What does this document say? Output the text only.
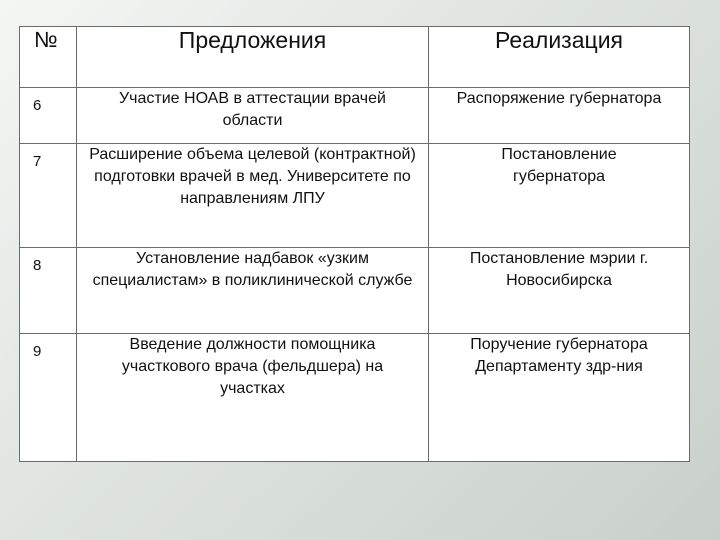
№	Предложения	Реализация
6	Участие НОАВ в аттестации врачей области	Распоряжение губернатора

7	Расширение объема целевой (контрактной) подготовки врачей в мед. Университете по направлениям ЛПУ	Постановление губернатора

8	Установление надбавок «узким специалистам» в поликлинической службе	Постановление мэрии г. Новосибирска

9	Введение должности помощника участкового врача (фельдшера) на участках	Поручение губернатора Департаменту здр-ния
